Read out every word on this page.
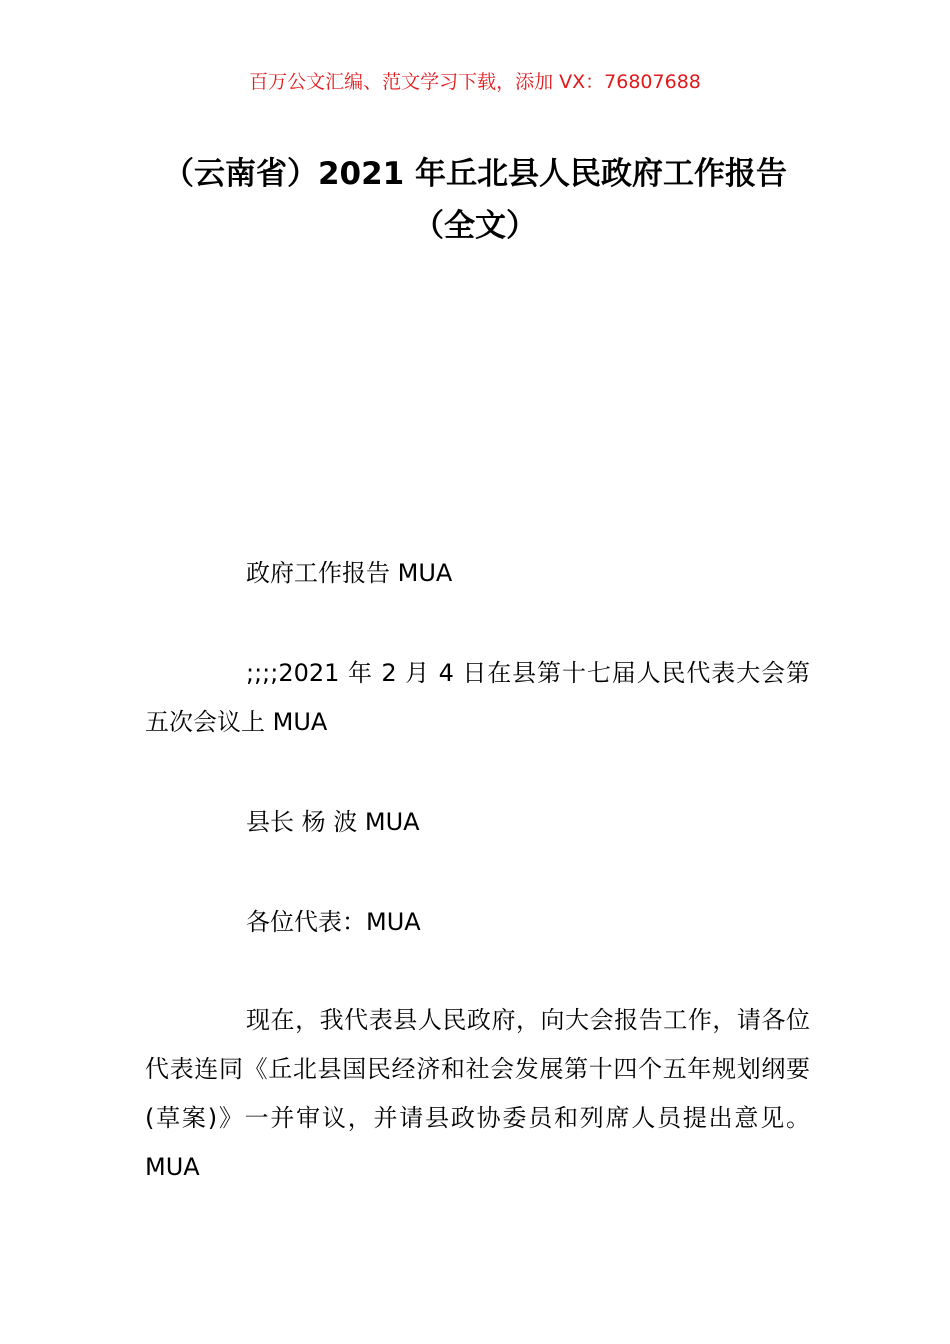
百万公文汇编、范文学习下载，添加 VX：76807688
（云南省）2021 年丘北县人民政府工作报告（全文）

政府工作报告 MUA

;;;;2021 年 2 月 4 日在县第十七届人民代表大会第五次会议上 MUA

县长 杨 波 MUA

各位代表：MUA

现在，我代表县人民政府，向大会报告工作，请各位代表连同《丘北县国民经济和社会发展第十四个五年规划纲要(草案)》一并审议，并请县政协委员和列席人员提出意见。MUA
